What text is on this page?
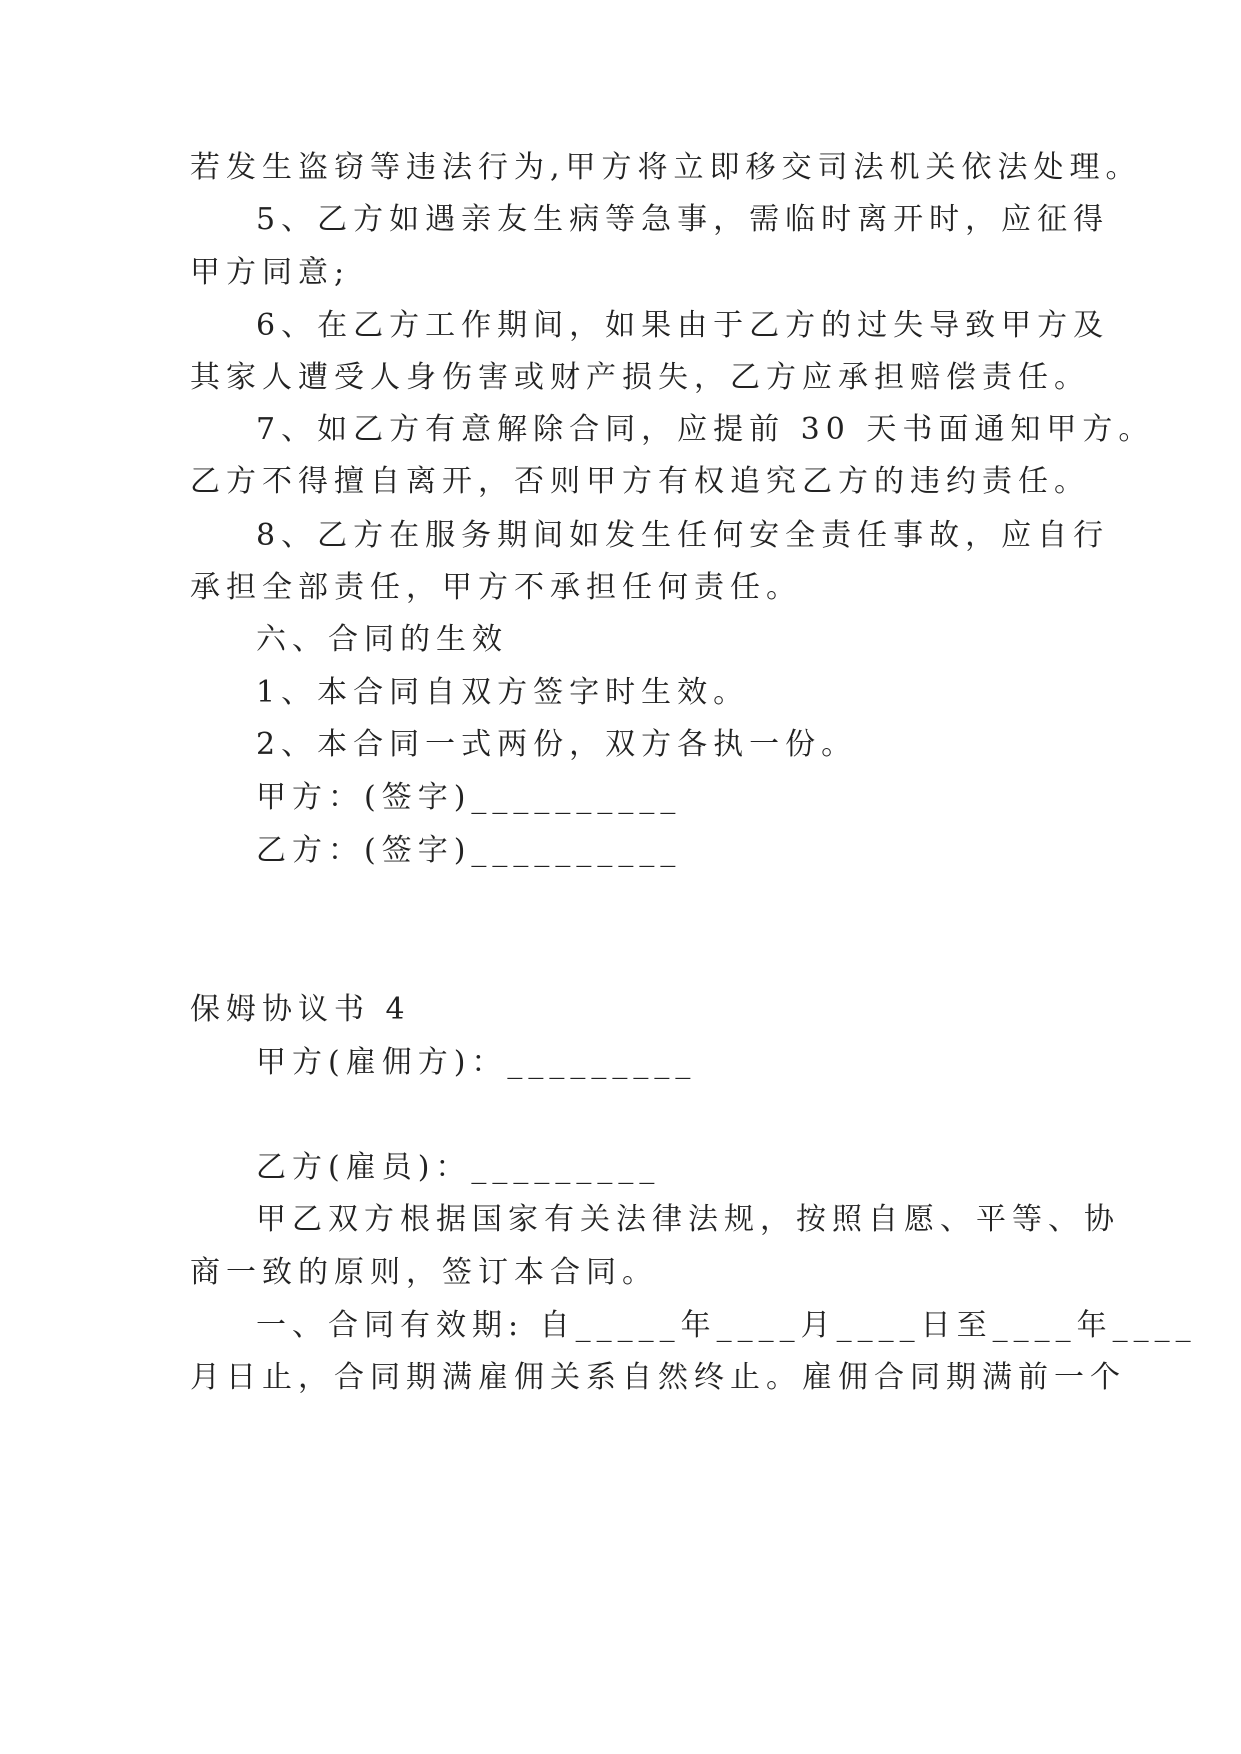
若发生盗窃等违法行为,甲方将立即移交司法机关依法处理。
5、乙方如遇亲友生病等急事，需临时离开时，应征得
甲方同意;
6、在乙方工作期间，如果由于乙方的过失导致甲方及
其家人遭受人身伤害或财产损失，乙方应承担赔偿责任。
7、如乙方有意解除合同，应提前 30 天书面通知甲方。
乙方不得擅自离开，否则甲方有权追究乙方的违约责任。
8、乙方在服务期间如发生任何安全责任事故，应自行
承担全部责任，甲方不承担任何责任。
六、合同的生效
1、本合同自双方签字时生效。
2、本合同一式两份，双方各执一份。
甲方：(签字)__________
乙方：(签字)__________
保姆协议书 4
甲方(雇佣方)：_________
乙方(雇员)：_________
甲乙双方根据国家有关法律法规，按照自愿、平等、协
商一致的原则，签订本合同。
一、合同有效期: 自_____年____月____日至____年____
月日止，合同期满雇佣关系自然终止。雇佣合同期满前一个
